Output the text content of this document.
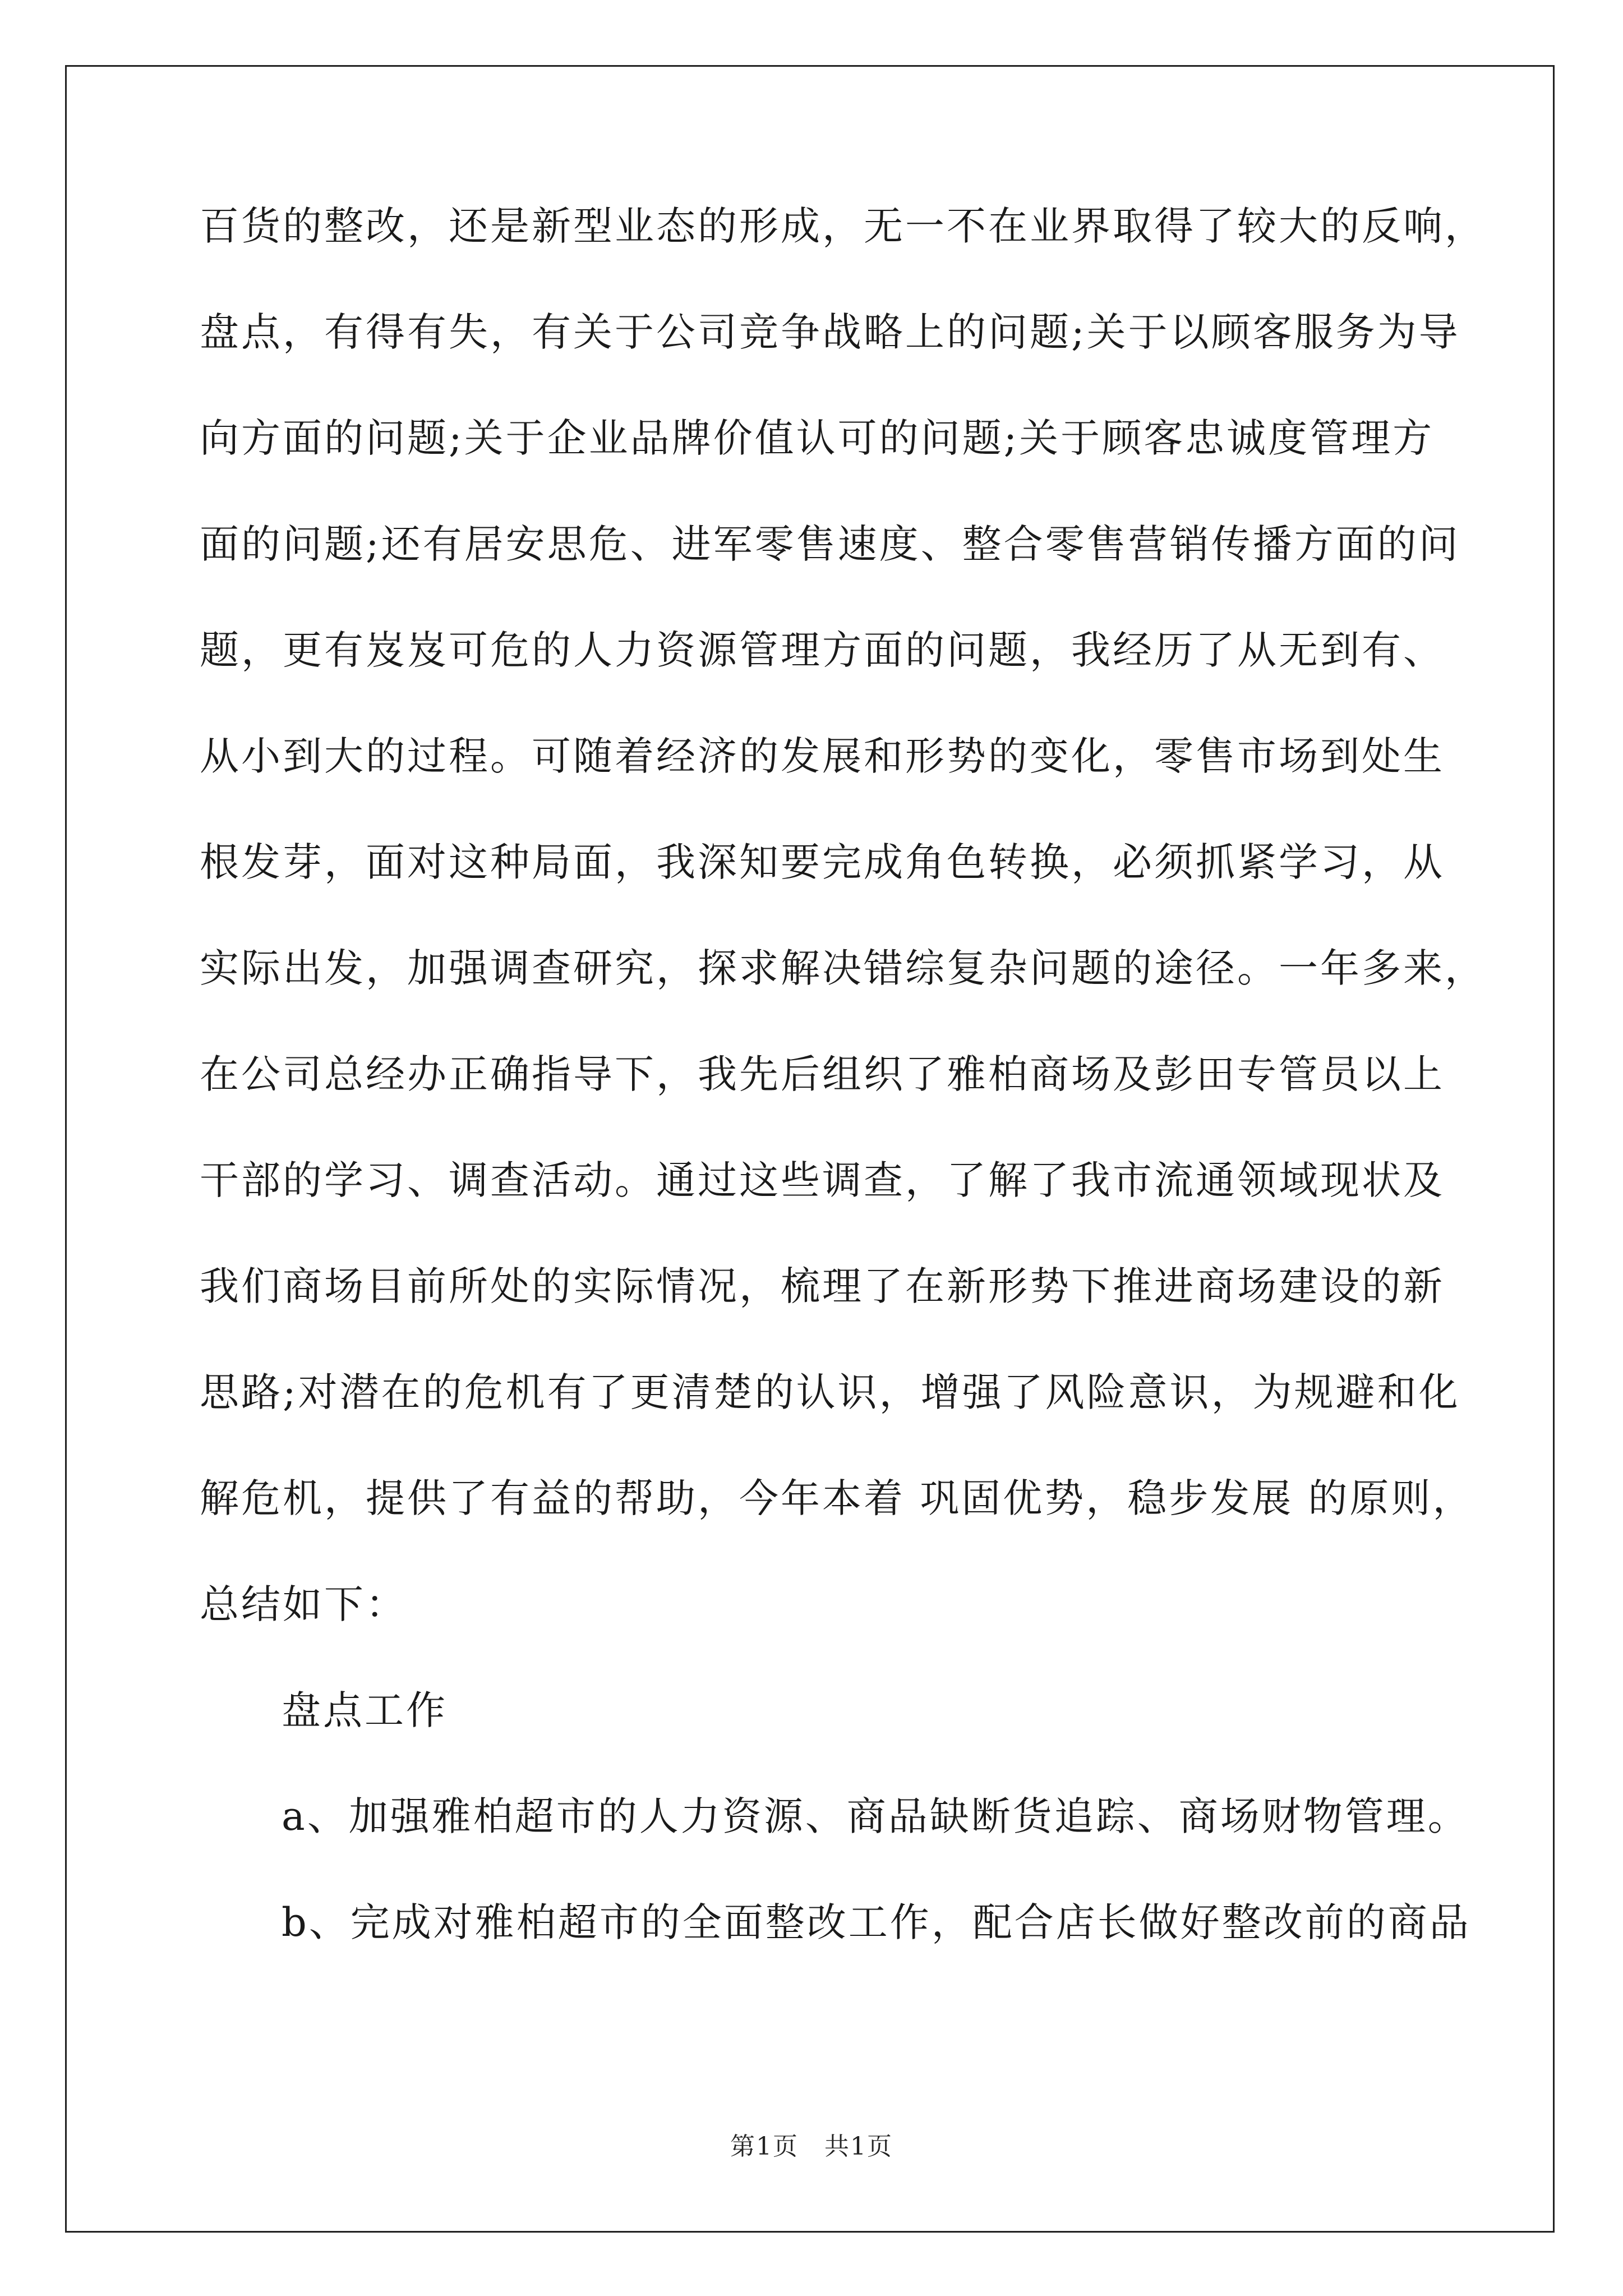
百货的整改，还是新型业态的形成，无一不在业界取得了较大的反响，
盘点，有得有失，有关于公司竞争战略上的问题;关于以顾客服务为导
向方面的问题;关于企业品牌价值认可的问题;关于顾客忠诚度管理方
面的问题;还有居安思危、进军零售速度、整合零售营销传播方面的问
题，更有岌岌可危的人力资源管理方面的问题，我经历了从无到有、
从小到大的过程。可随着经济的发展和形势的变化，零售市场到处生
根发芽，面对这种局面，我深知要完成角色转换，必须抓紧学习，从
实际出发，加强调查研究，探求解决错综复杂问题的途径。一年多来，
在公司总经办正确指导下，我先后组织了雅柏商场及彭田专管员以上
干部的学习、调查活动。通过这些调查，了解了我市流通领域现状及
我们商场目前所处的实际情况，梳理了在新形势下推进商场建设的新
思路;对潜在的危机有了更清楚的认识，增强了风险意识，为规避和化
解危机，提供了有益的帮助，今年本着 巩固优势，稳步发展 的原则，
总结如下：
盘点工作
a、加强雅柏超市的人力资源、商品缺断货追踪、商场财物管理。
b、完成对雅柏超市的全面整改工作，配合店长做好整改前的商品
第1页　共1页
